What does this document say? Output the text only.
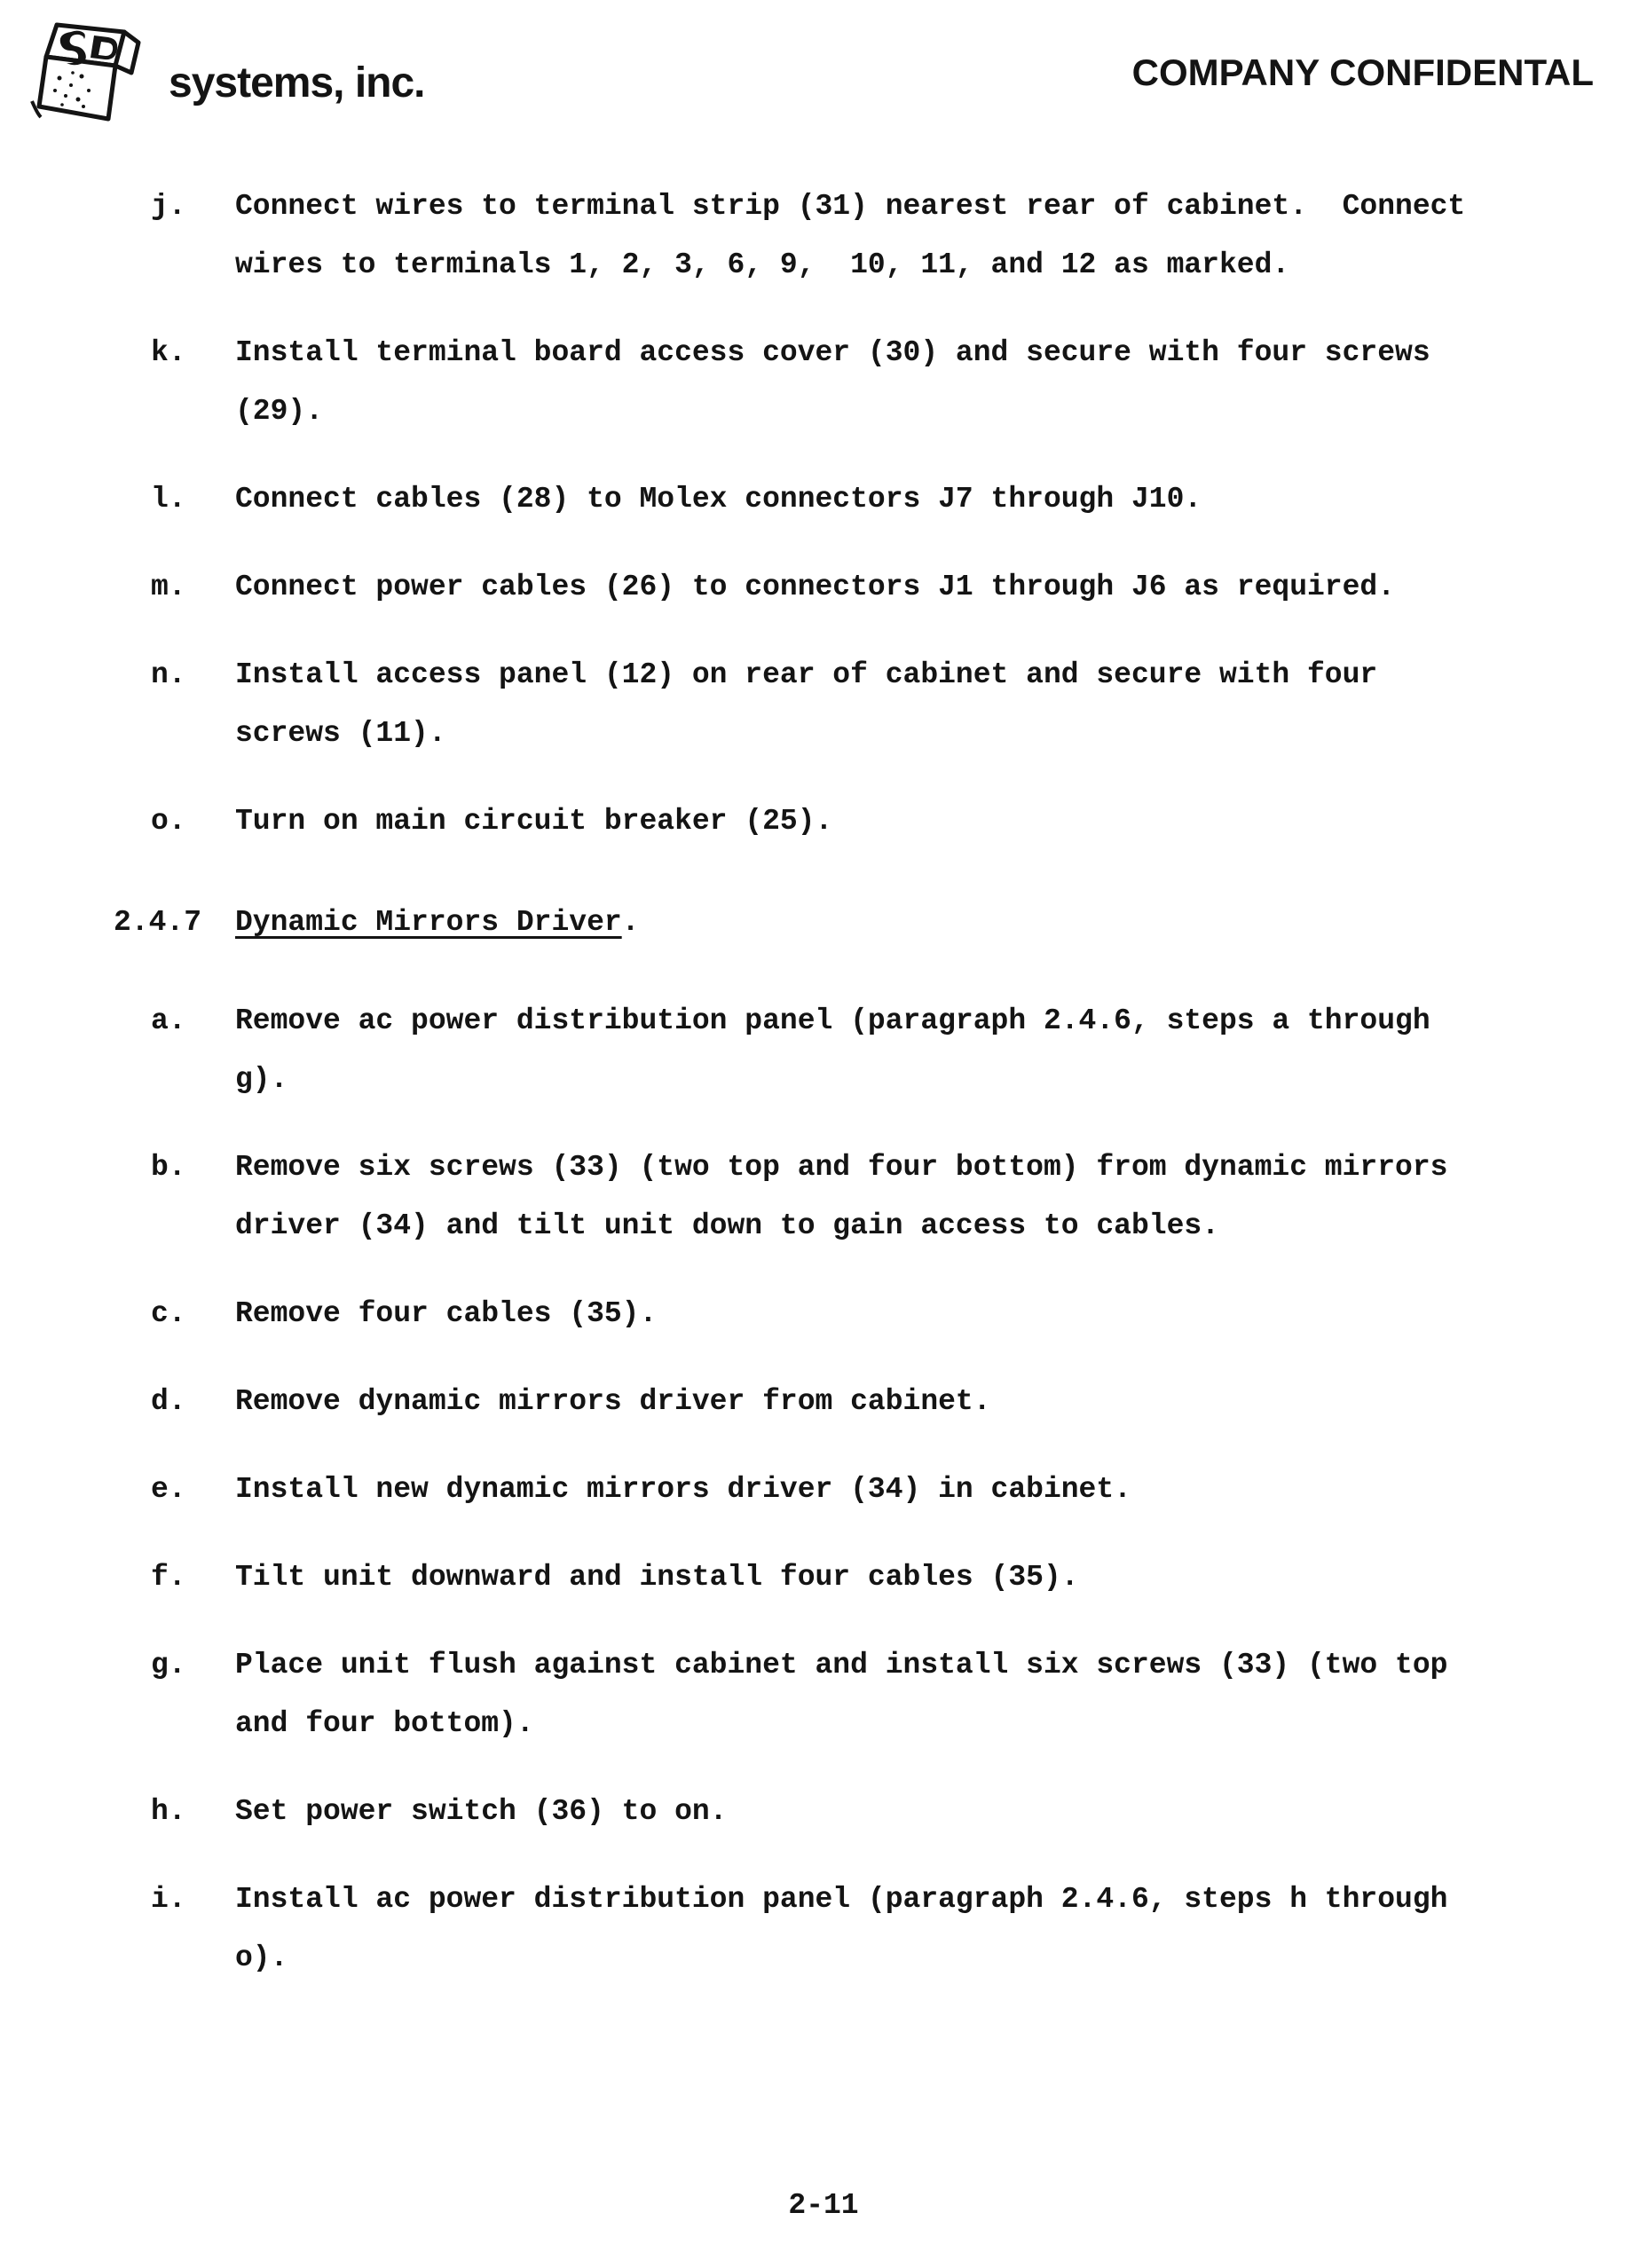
systems, inc.	COMPANY CONFIDENTAL
j.	Connect wires to terminal strip (31) nearest rear of cabinet.  Connect
wires to terminals 1, 2, 3, 6, 9,  10, 11, and 12 as marked.
k.	Install terminal board access cover (30) and secure with four screws
(29).
l.	Connect cables (28) to Molex connectors J7 through J10.
m.	Connect power cables (26) to connectors J1 through J6 as required.
n.	Install access panel (12) on rear of cabinet and secure with four
screws (11).
o.	Turn on main circuit breaker (25).
2.4.7	Dynamic Mirrors Driver.
a.	Remove ac power distribution panel (paragraph 2.4.6, steps a through
g).
b.	Remove six screws (33) (two top and four bottom) from dynamic mirrors
driver (34) and tilt unit down to gain access to cables.
c.	Remove four cables (35).
d.	Remove dynamic mirrors driver from cabinet.
e.	Install new dynamic mirrors driver (34) in cabinet.
f.	Tilt unit downward and install four cables (35).
g.	Place unit flush against cabinet and install six screws (33) (two top
and four bottom).
h.	Set power switch (36) to on.
i.	Install ac power distribution panel (paragraph 2.4.6, steps h through
o).
2-11
